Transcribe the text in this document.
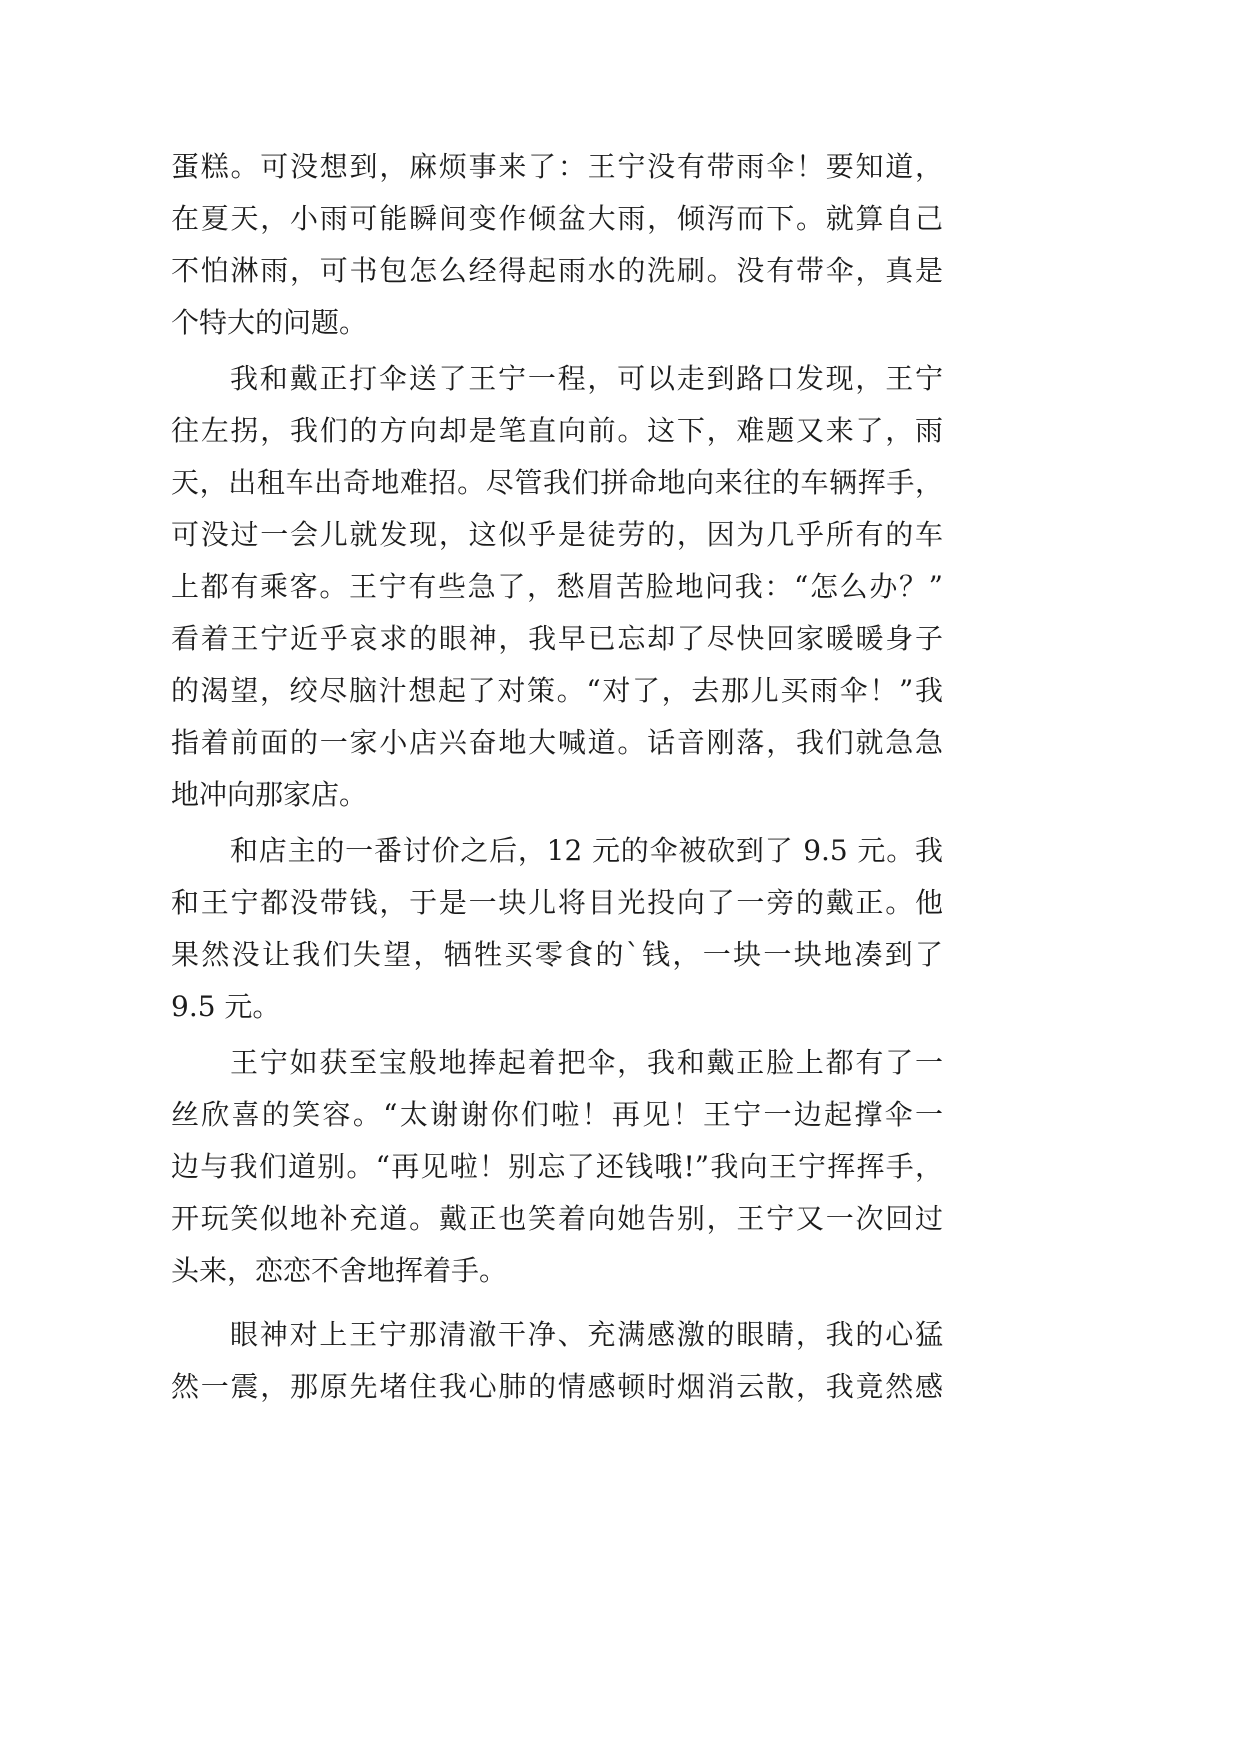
蛋糕。可没想到，麻烦事来了：王宁没有带雨伞！要知道，
在夏天，小雨可能瞬间变作倾盆大雨，倾泻而下。就算自己
不怕淋雨，可书包怎么经得起雨水的洗刷。没有带伞，真是
个特大的问题。
我和戴正打伞送了王宁一程，可以走到路口发现，王宁
往左拐，我们的方向却是笔直向前。这下，难题又来了，雨
天，出租车出奇地难招。尽管我们拼命地向来往的车辆挥手，
可没过一会儿就发现，这似乎是徒劳的，因为几乎所有的车
上都有乘客。王宁有些急了，愁眉苦脸地问我：“怎么办？”
看着王宁近乎哀求的眼神，我早已忘却了尽快回家暖暖身子
的渴望，绞尽脑汁想起了对策。“对了，去那儿买雨伞！”我
指着前面的一家小店兴奋地大喊道。话音刚落，我们就急急
地冲向那家店。
和店主的一番讨价之后，12 元的伞被砍到了 9.5 元。我
和王宁都没带钱，于是一块儿将目光投向了一旁的戴正。他
果然没让我们失望，牺牲买零食的`钱，一块一块地凑到了
9.5 元。
王宁如获至宝般地捧起着把伞，我和戴正脸上都有了一
丝欣喜的笑容。“太谢谢你们啦！再见！王宁一边起撑伞一
边与我们道别。“再见啦！别忘了还钱哦!”我向王宁挥挥手，
开玩笑似地补充道。戴正也笑着向她告别，王宁又一次回过
头来，恋恋不舍地挥着手。
眼神对上王宁那清澈干净、充满感激的眼睛，我的心猛
然一震，那原先堵住我心肺的情感顿时烟消云散，我竟然感
